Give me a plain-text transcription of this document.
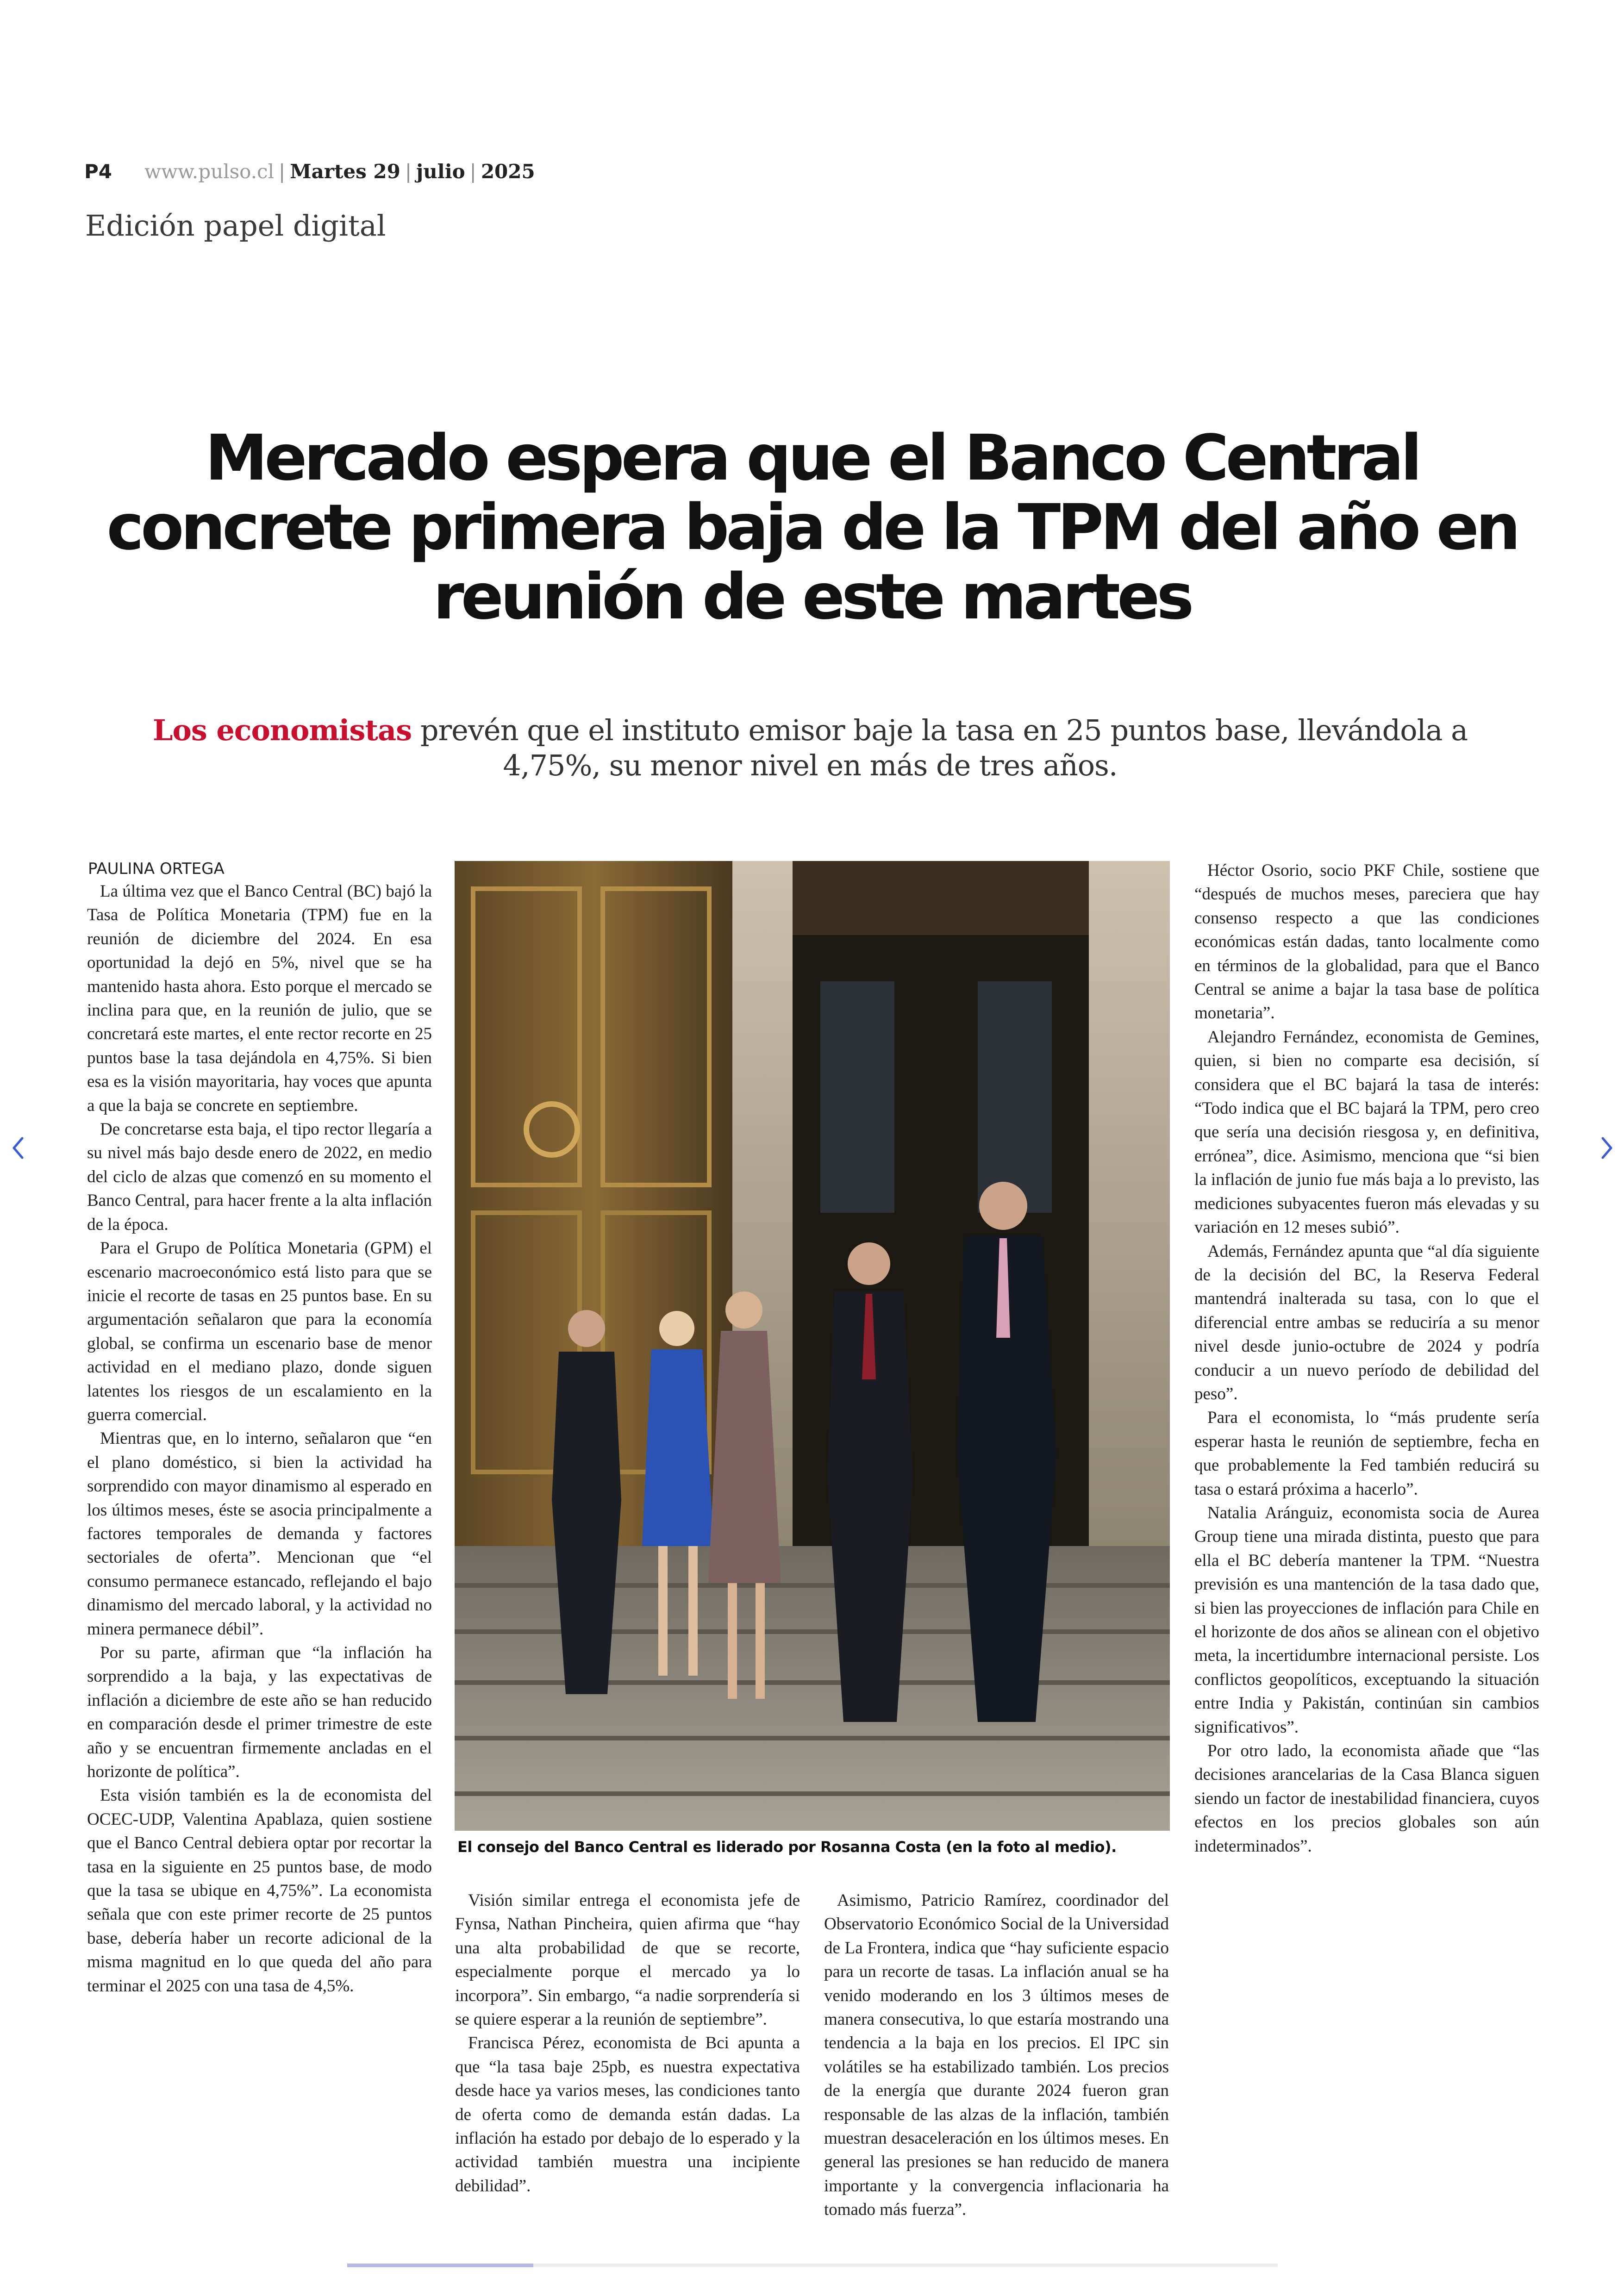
P4 www.pulso.cl | Martes 29 | julio | 2025
Edición papel digital
Mercado espera que el Banco Central concrete primera baja de la TPM del año en reunión de este martes
Los economistas prevén que el instituto emisor baje la tasa en 25 puntos base, llevándola a 4,75%, su menor nivel en más de tres años.
PAULINA ORTEGA

La última vez que el Banco Central (BC) bajó la Tasa de Política Monetaria (TPM) fue en la reunión de diciembre del 2024. En esa oportunidad la dejó en 5%, nivel que se ha mantenido hasta ahora. Esto porque el mercado se inclina para que, en la reunión de julio, que se concretará este martes, el ente rector recorte en 25 puntos base la tasa dejándola en 4,75%. Si bien esa es la visión mayoritaria, hay voces que apunta a que la baja se concrete en septiembre.

De concretarse esta baja, el tipo rector llegaría a su nivel más bajo desde enero de 2022, en medio del ciclo de alzas que comenzó en su momento el Banco Central, para hacer frente a la alta inflación de la época.

Para el Grupo de Política Monetaria (GPM) el escenario macroeconómico está listo para que se inicie el recorte de tasas en 25 puntos base. En su argumentación señalaron que para la economía global, se confirma un escenario base de menor actividad en el mediano plazo, donde siguen latentes los riesgos de un escalamiento en la guerra comercial.

Mientras que, en lo interno, señalaron que “en el plano doméstico, si bien la actividad ha sorprendido con mayor dinamismo al esperado en los últimos meses, éste se asocia principalmente a factores temporales de demanda y factores sectoriales de oferta”. Mencionan que “el consumo permanece estancado, reflejando el bajo dinamismo del mercado laboral, y la actividad no minera permanece débil”.

Por su parte, afirman que “la inflación ha sorprendido a la baja, y las expectativas de inflación a diciembre de este año se han reducido en comparación desde el primer trimestre de este año y se encuentran firmemente ancladas en el horizonte de política”.

Esta visión también es la de economista del OCEC-UDP, Valentina Apablaza, quien sostiene que el Banco Central debiera optar por recortar la tasa en la siguiente en 25 puntos base, de modo que la tasa se ubique en 4,75%”. La economista señala que con este primer recorte de 25 puntos base, debería haber un recorte adicional de la misma magnitud en lo que queda del año para terminar el 2025 con una tasa de 4,5%.

El consejo del Banco Central es liderado por Rosanna Costa (en la foto al medio).

Visión similar entrega el economista jefe de Fynsa, Nathan Pincheira, quien afirma que “hay una alta probabilidad de que se recorte, especialmente porque el mercado ya lo incorpora”. Sin embargo, “a nadie sorprendería si se quiere esperar a la reunión de septiembre”.

Francisca Pérez, economista de Bci apunta a que “la tasa baje 25pb, es nuestra expectativa desde hace ya varios meses, las condiciones tanto de oferta como de demanda están dadas. La inflación ha estado por debajo de lo esperado y la actividad también muestra una incipiente debilidad”.

Asimismo, Patricio Ramírez, coordinador del Observatorio Económico Social de la Universidad de La Frontera, indica que “hay suficiente espacio para un recorte de tasas. La inflación anual se ha venido moderando en los 3 últimos meses de manera consecutiva, lo que estaría mostrando una tendencia a la baja en los precios. El IPC sin volátiles se ha estabilizado también. Los precios de la energía que durante 2024 fueron gran responsable de las alzas de la inflación, también muestran desaceleración en los últimos meses. En general las presiones se han reducido de manera importante y la convergencia inflacionaria ha tomado más fuerza”.

Héctor Osorio, socio PKF Chile, sostiene que “después de muchos meses, pareciera que hay consenso respecto a que las condiciones económicas están dadas, tanto localmente como en términos de la globalidad, para que el Banco Central se anime a bajar la tasa base de política monetaria”.

Alejandro Fernández, economista de Gemines, quien, si bien no comparte esa decisión, sí considera que el BC bajará la tasa de interés: “Todo indica que el BC bajará la TPM, pero creo que sería una decisión riesgosa y, en definitiva, errónea”, dice. Asimismo, menciona que “si bien la inflación de junio fue más baja a lo previsto, las mediciones subyacentes fueron más elevadas y su variación en 12 meses subió”.

Además, Fernández apunta que “al día siguiente de la decisión del BC, la Reserva Federal mantendrá inalterada su tasa, con lo que el diferencial entre ambas se reduciría a su menor nivel desde junio-octubre de 2024 y podría conducir a un nuevo período de debilidad del peso”.

Para el economista, lo “más prudente sería esperar hasta le reunión de septiembre, fecha en que probablemente la Fed también reducirá su tasa o estará próxima a hacerlo”.

Natalia Aránguiz, economista socia de Aurea Group tiene una mirada distinta, puesto que para ella el BC debería mantener la TPM. “Nuestra previsión es una mantención de la tasa dado que, si bien las proyecciones de inflación para Chile en el horizonte de dos años se alinean con el objetivo meta, la incertidumbre internacional persiste. Los conflictos geopolíticos, exceptuando la situación entre India y Pakistán, continúan sin cambios significativos”.

Por otro lado, la economista añade que “las decisiones arancelarias de la Casa Blanca siguen siendo un factor de inestabilidad financiera, cuyos efectos en los precios globales son aún indeterminados”.
